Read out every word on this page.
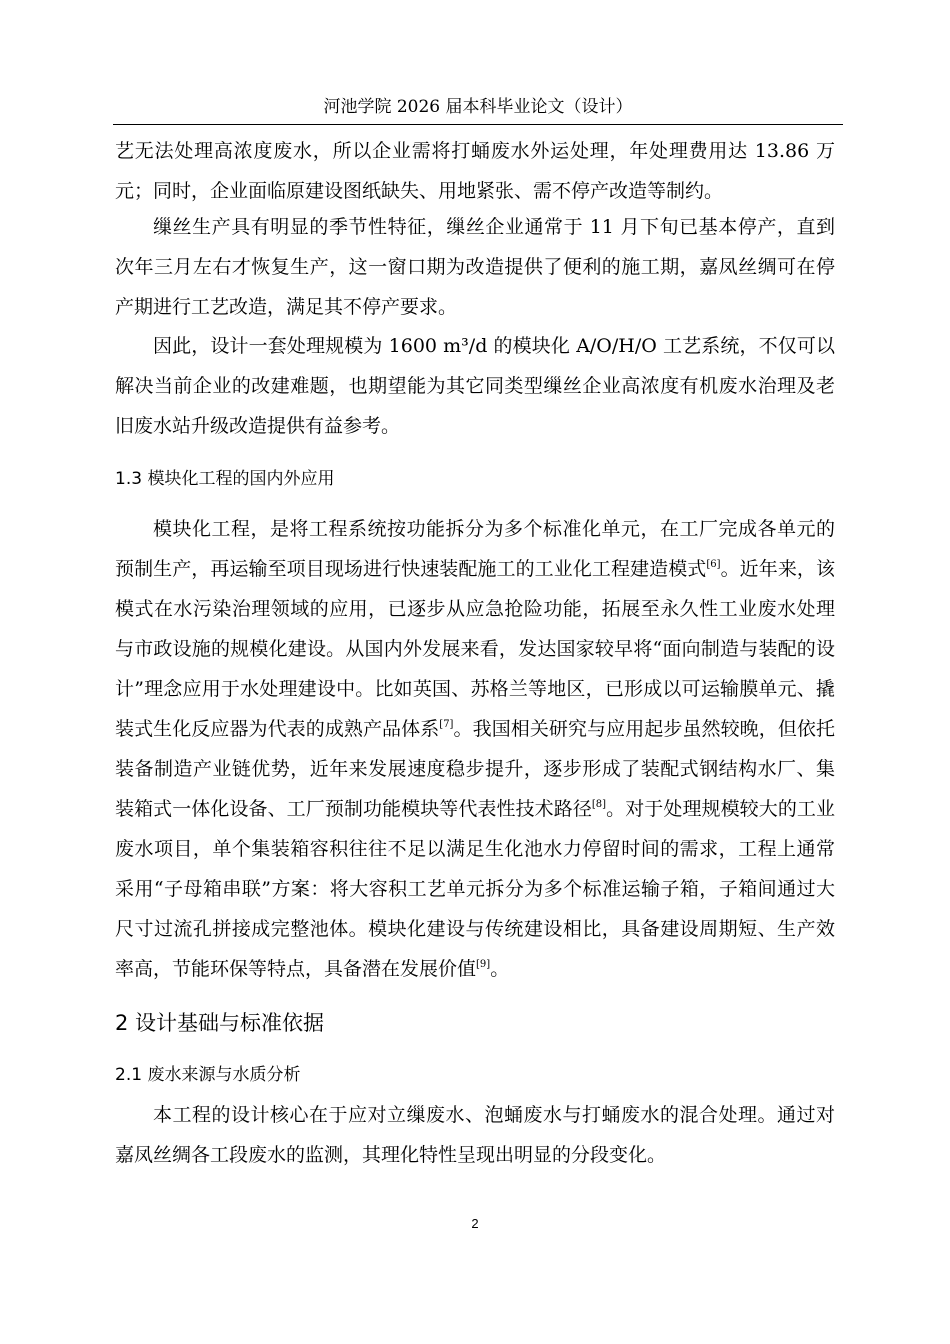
河池学院 2026 届本科毕业论文（设计）

艺无法处理高浓度废水，所以企业需将打蛹废水外运处理，年处理费用达 13.86 万元；同时，企业面临原建设图纸缺失、用地紧张、需不停产改造等制约。

缫丝生产具有明显的季节性特征，缫丝企业通常于 11 月下旬已基本停产，直到次年三月左右才恢复生产，这一窗口期为改造提供了便利的施工期，嘉凤丝绸可在停产期进行工艺改造，满足其不停产要求。

因此，设计一套处理规模为 1600 m³/d 的模块化 A/O/H/O 工艺系统，不仅可以解决当前企业的改建难题，也期望能为其它同类型缫丝企业高浓度有机废水治理及老旧废水站升级改造提供有益参考。

1.3 模块化工程的国内外应用

模块化工程，是将工程系统按功能拆分为多个标准化单元，在工厂完成各单元的预制生产，再运输至项目现场进行快速装配施工的工业化工程建造模式[6]。近年来，该模式在水污染治理领域的应用，已逐步从应急抢险功能，拓展至永久性工业废水处理与市政设施的规模化建设。从国内外发展来看，发达国家较早将“面向制造与装配的设计”理念应用于水处理建设中。比如英国、苏格兰等地区，已形成以可运输膜单元、撬装式生化反应器为代表的成熟产品体系[7]。我国相关研究与应用起步虽然较晚，但依托装备制造产业链优势，近年来发展速度稳步提升，逐步形成了装配式钢结构水厂、集装箱式一体化设备、工厂预制功能模块等代表性技术路径[8]。对于处理规模较大的工业废水项目，单个集装箱容积往往不足以满足生化池水力停留时间的需求，工程上通常采用“子母箱串联”方案：将大容积工艺单元拆分为多个标准运输子箱，子箱间通过大尺寸过流孔拼接成完整池体。模块化建设与传统建设相比，具备建设周期短、生产效率高，节能环保等特点，具备潜在发展价值[9]。

2 设计基础与标准依据
2.1 废水来源与水质分析

本工程的设计核心在于应对立缫废水、泡蛹废水与打蛹废水的混合处理。通过对嘉凤丝绸各工段废水的监测，其理化特性呈现出明显的分段变化。

2
